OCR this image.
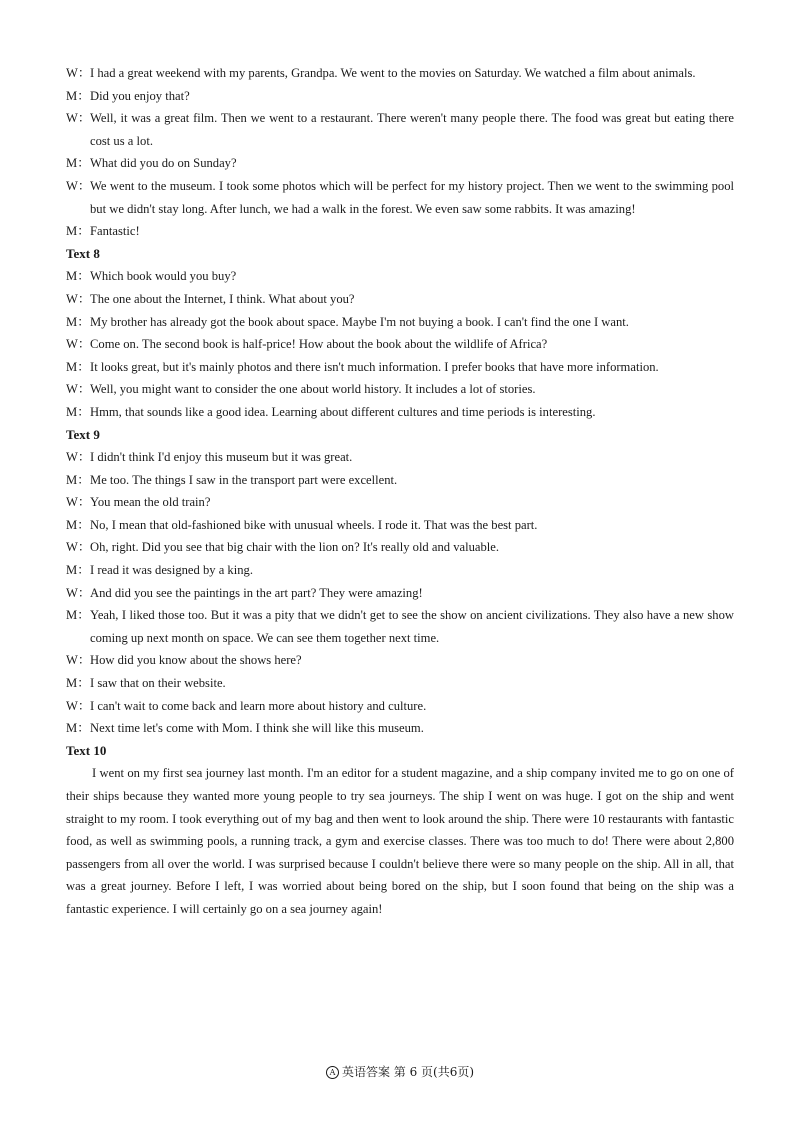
W： I had a great weekend with my parents, Grandpa. We went to the movies on Saturday. We watched a film about animals.
M： Did you enjoy that?
W： Well, it was a great film. Then we went to a restaurant. There weren't many people there. The food was great but eating there cost us a lot.
M： What did you do on Sunday?
W： We went to the museum. I took some photos which will be perfect for my history project. Then we went to the swimming pool but we didn't stay long. After lunch, we had a walk in the forest. We even saw some rabbits. It was amazing!
M： Fantastic!

Text 8

M： Which book would you buy?
W： The one about the Internet, I think. What about you?
M： My brother has already got the book about space. Maybe I'm not buying a book. I can't find the one I want.
W： Come on. The second book is half-price! How about the book about the wildlife of Africa?
M： It looks great, but it's mainly photos and there isn't much information. I prefer books that have more information.
W： Well, you might want to consider the one about world history. It includes a lot of stories.
M： Hmm, that sounds like a good idea. Learning about different cultures and time periods is interesting.

Text 9

W： I didn't think I'd enjoy this museum but it was great.
M： Me too. The things I saw in the transport part were excellent.
W： You mean the old train?
M： No, I mean that old-fashioned bike with unusual wheels. I rode it. That was the best part.
W： Oh, right. Did you see that big chair with the lion on? It's really old and valuable.
M： I read it was designed by a king.
W： And did you see the paintings in the art part? They were amazing!
M： Yeah, I liked those too. But it was a pity that we didn't get to see the show on ancient civilizations. They also have a new show coming up next month on space. We can see them together next time.
W： How did you know about the shows here?
M： I saw that on their website.
W： I can't wait to come back and learn more about history and culture.
M： Next time let's come with Mom. I think she will like this museum.

Text 10

I went on my first sea journey last month. I'm an editor for a student magazine, and a ship company invited me to go on one of their ships because they wanted more young people to try sea journeys. The ship I went on was huge. I got on the ship and went straight to my room. I took everything out of my bag and then went to look around the ship. There were 10 restaurants with fantastic food, as well as swimming pools, a running track, a gym and exercise classes. There was too much to do! There were about 2,800 passengers from all over the world. I was surprised because I couldn't believe there were so many people on the ship. All in all, that was a great journey. Before I left, I was worried about being bored on the ship, but I soon found that being on the ship was a fantastic experience. I will certainly go on a sea journey again!

A 英语答案 第 6 页(共6页)
